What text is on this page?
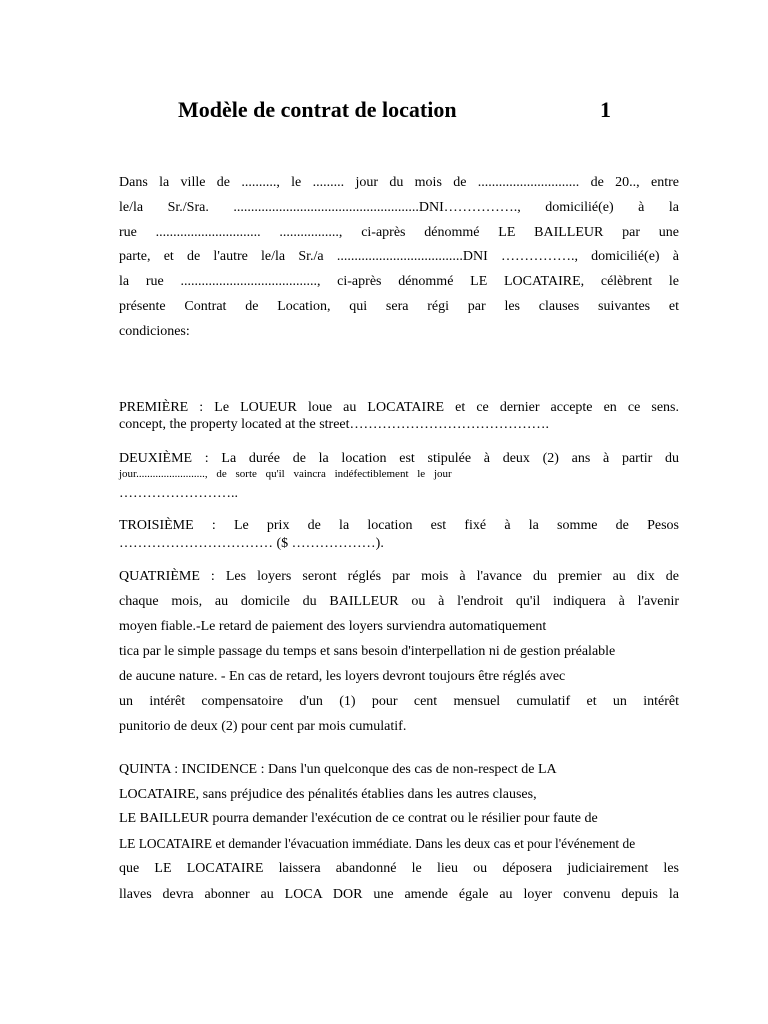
Modèle de contrat de location	1
Dans la ville de .........., le ......... jour du mois de ............................. de 20.., entre
le/la Sr./Sra. .....................................................DNI……………., domicilié(e) à la
rue .............................. ................., ci-après dénommé LE BAILLEUR par une
parte, et de l'autre le/la Sr./a ....................................DNI ……………., domicilié(e) à
la rue ......................................., ci-après dénommé LE LOCATAIRE, célèbrent le
présente Contrat de Location, qui sera régi par les clauses suivantes et
condiciones:
PREMIÈRE : Le LOUEUR loue au LOCATAIRE et ce dernier accepte en ce sens.
concept, the property located at the street…………………………………….
DEUXIÈME : La durée de la location est stipulée à deux (2) ans à partir du
jour........................., de sorte qu'il vaincra indéfectiblement le jour
……………………..
TROISIÈME : Le prix de la location est fixé à la somme de Pesos
…………………………… ($ ………………).
QUATRIÈME : Les loyers seront réglés par mois à l'avance du premier au dix de
chaque mois, au domicile du BAILLEUR ou à l'endroit qu'il indiquera à l'avenir
moyen fiable.-Le retard de paiement des loyers surviendra automatiquement
tica par le simple passage du temps et sans besoin d'interpellation ni de gestion préalable
de aucune nature. - En cas de retard, les loyers devront toujours être réglés avec
un intérêt compensatoire d'un (1) pour cent mensuel cumulatif et un intérêt
punitorio de deux (2) pour cent par mois cumulatif.
QUINTA : INCIDENCE : Dans l'un quelconque des cas de non-respect de LA
LOCATAIRE, sans préjudice des pénalités établies dans les autres clauses,
LE BAILLEUR pourra demander l'exécution de ce contrat ou le résilier pour faute de
LE LOCATAIRE et demander l'évacuation immédiate. Dans les deux cas et pour l'événement de
que LE LOCATAIRE laissera abandonné le lieu ou déposera judiciairement les
llaves devra abonner au LOCA DOR une amende égale au loyer convenu depuis la
